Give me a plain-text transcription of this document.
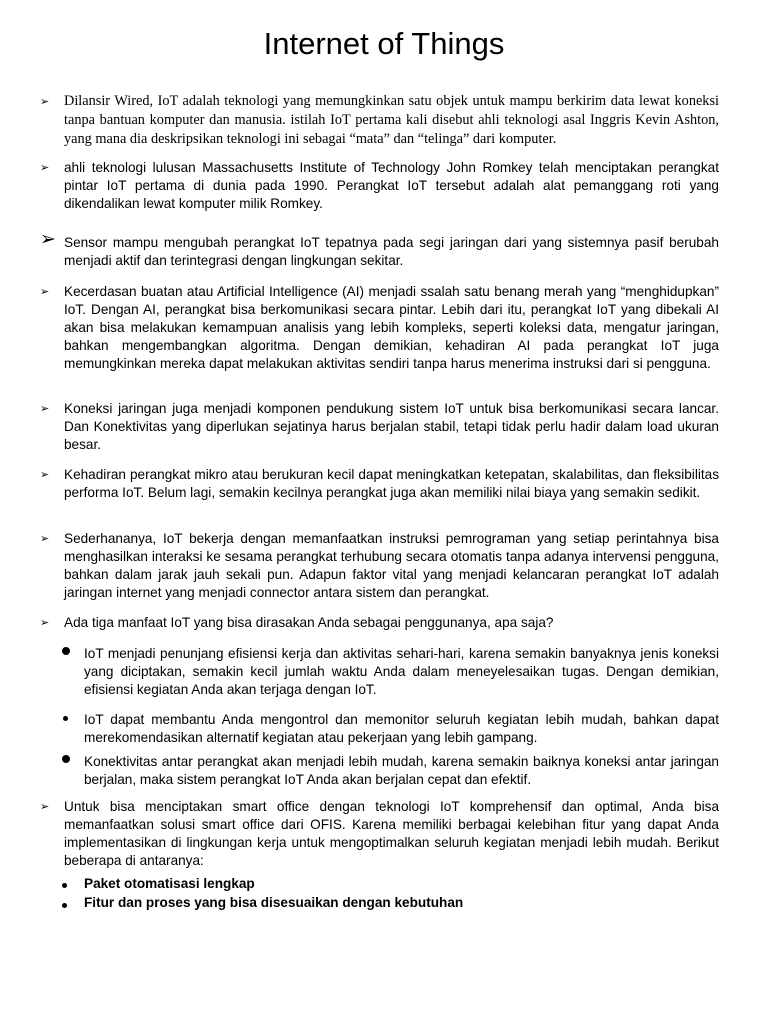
Internet of Things
➢ Dilansir Wired, IoT adalah teknologi yang memungkinkan satu objek untuk mampu berkirim data lewat koneksi tanpa bantuan komputer dan manusia. istilah IoT pertama kali disebut ahli teknologi asal Inggris Kevin Ashton, yang mana dia deskripsikan teknologi ini sebagai “mata” dan “telinga” dari komputer.
➢ ahli teknologi lulusan Massachusetts Institute of Technology John Romkey telah menciptakan perangkat pintar IoT pertama di dunia pada 1990. Perangkat IoT tersebut adalah alat pemanggang roti yang dikendalikan lewat komputer milik Romkey.
➢ Sensor mampu mengubah perangkat IoT tepatnya pada segi jaringan dari yang sistemnya pasif berubah menjadi aktif dan terintegrasi dengan lingkungan sekitar.
➢ Kecerdasan buatan atau Artificial Intelligence (AI) menjadi ssalah satu benang merah yang “menghidupkan” IoT. Dengan AI, perangkat bisa berkomunikasi secara pintar. Lebih dari itu, perangkat IoT yang dibekali AI akan bisa melakukan kemampuan analisis yang lebih kompleks, seperti koleksi data, mengatur jaringan, bahkan mengembangkan algoritma. Dengan demikian, kehadiran AI pada perangkat IoT juga memungkinkan mereka dapat melakukan aktivitas sendiri tanpa harus menerima instruksi dari si pengguna.
➢ Koneksi jaringan juga menjadi komponen pendukung sistem IoT untuk bisa berkomunikasi secara lancar. Dan Konektivitas yang diperlukan sejatinya harus berjalan stabil, tetapi tidak perlu hadir dalam load ukuran besar.
➢ Kehadiran perangkat mikro atau berukuran kecil dapat meningkatkan ketepatan, skalabilitas, dan fleksibilitas performa IoT. Belum lagi, semakin kecilnya perangkat juga akan memiliki nilai biaya yang semakin sedikit.
➢ Sederhananya, IoT bekerja dengan memanfaatkan instruksi pemrograman yang setiap perintahnya bisa menghasilkan interaksi ke sesama perangkat terhubung secara otomatis tanpa adanya intervensi pengguna, bahkan dalam jarak jauh sekali pun. Adapun faktor vital yang menjadi kelancaran perangkat IoT adalah jaringan internet yang menjadi connector antara sistem dan perangkat.
➢ Ada tiga manfaat IoT yang bisa dirasakan Anda sebagai penggunanya, apa saja?
IoT menjadi penunjang efisiensi kerja dan aktivitas sehari-hari, karena semakin banyaknya jenis koneksi yang diciptakan, semakin kecil jumlah waktu Anda dalam meneyelesaikan tugas. Dengan demikian, efisiensi kegiatan Anda akan terjaga dengan IoT.
IoT dapat membantu Anda mengontrol dan memonitor seluruh kegiatan lebih mudah, bahkan dapat merekomendasikan alternatif kegiatan atau pekerjaan yang lebih gampang.
Konektivitas antar perangkat akan menjadi lebih mudah, karena semakin baiknya koneksi antar jaringan berjalan, maka sistem perangkat IoT Anda akan berjalan cepat dan efektif.
➢ Untuk bisa menciptakan smart office dengan teknologi IoT komprehensif dan optimal, Anda bisa memanfaatkan solusi smart office dari OFIS. Karena memiliki berbagai kelebihan fitur yang dapat Anda implementasikan di lingkungan kerja untuk mengoptimalkan seluruh kegiatan menjadi lebih mudah. Berikut beberapa di antaranya:
Paket otomatisasi lengkap
Fitur dan proses yang bisa disesuaikan dengan kebutuhan
